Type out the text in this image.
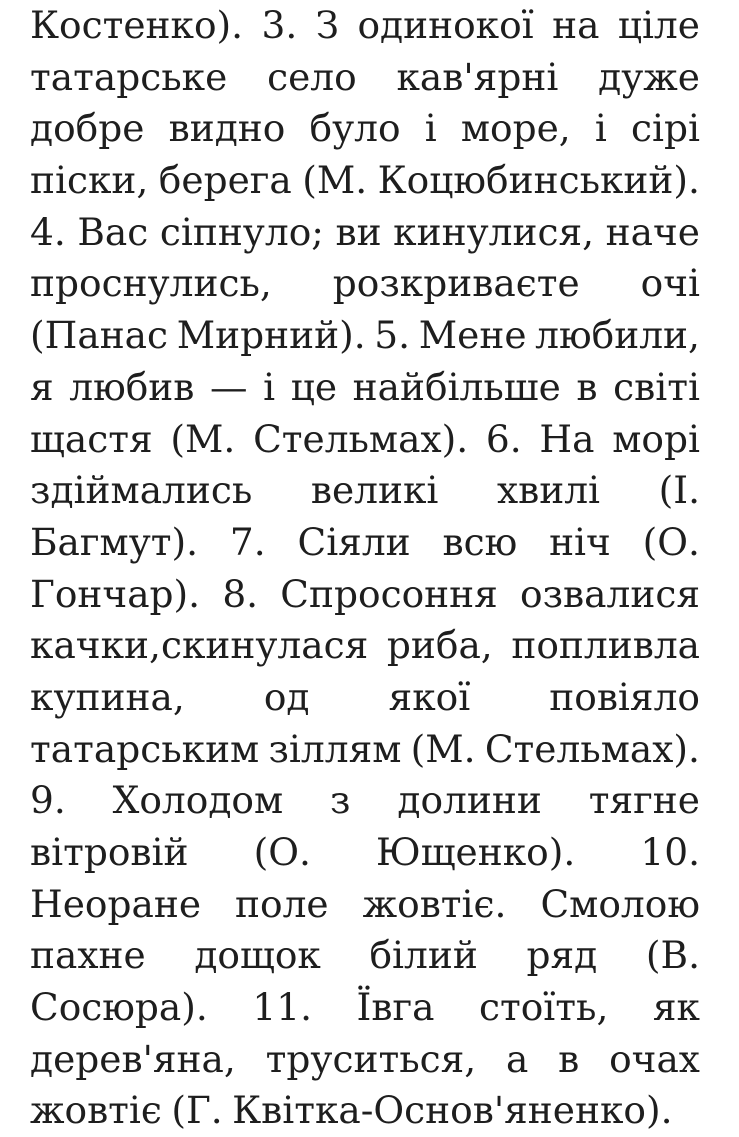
Костенко). 3. З одинокої на ціле
татарське село кав'ярні дуже
добре видно було і море, і сірі
піски, берега (М. Коцюбинський).
4. Вас сіпнуло; ви кинулися, наче
проснулись, розкриваєте очі
(Панас Мирний). 5. Мене любили,
я любив — і це найбільше в світі
щастя (М. Стельмах). 6. На морі
здіймались великі хвилі (І.
Багмут). 7. Сіяли всю ніч (О.
Гончар). 8. Спросоння озвалися
качки,скинулася риба, попливла
купина, од якої повіяло
татарським зіллям (М. Стельмах).
9. Холодом з долини тягне
вітровій (О. Ющенко). 10.
Неоране поле жовтіє. Смолою
пахне дощок білий ряд (В.
Сосюра). 11. Ївга стоїть, як
дерев'яна, труситься, а в очах
жовтіє (Г. Квітка-Основ'яненко).
